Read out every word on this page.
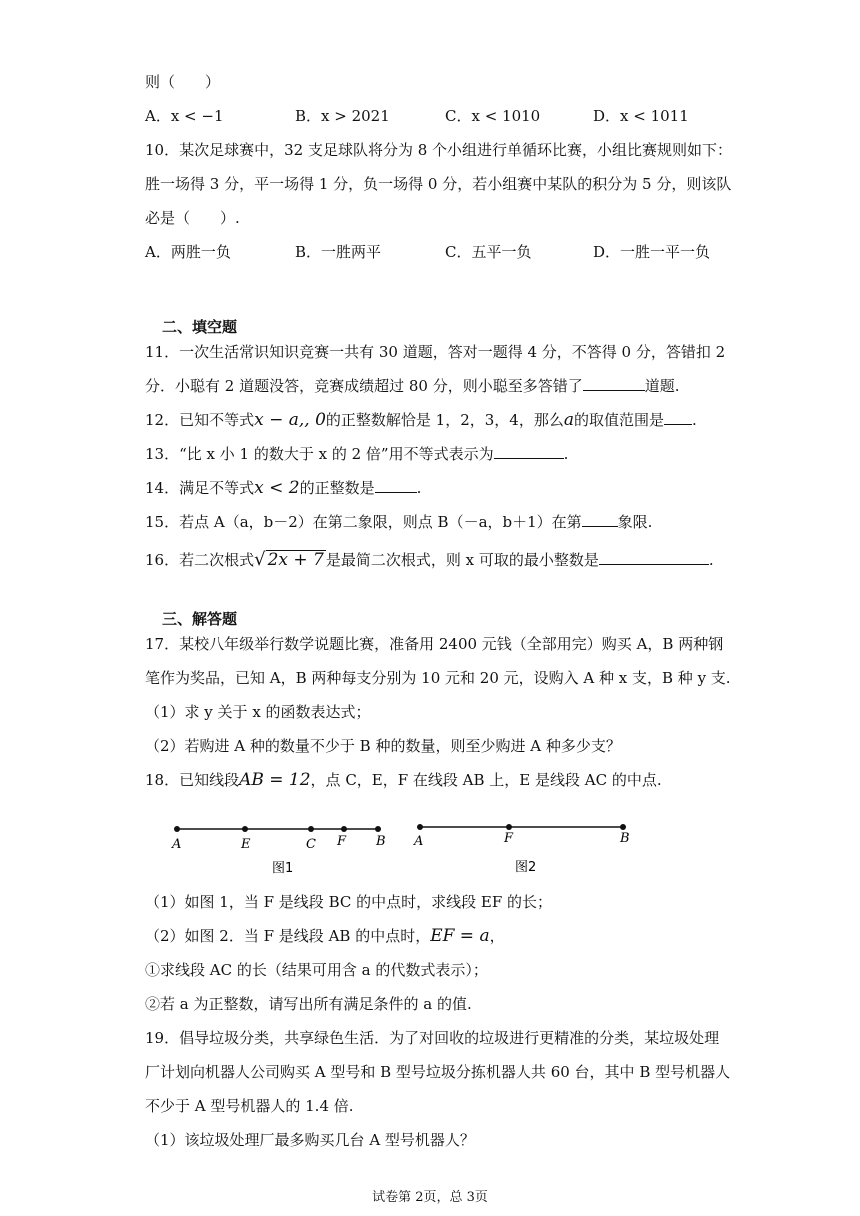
则（　　）
A．x < −1	B．x > 2021	C．x < 1010	D．x < 1011
10．某次足球赛中，32 支足球队将分为 8 个小组进行单循环比赛，小组比赛规则如下：
胜一场得 3 分，平一场得 1 分，负一场得 0 分，若小组赛中某队的积分为 5 分，则该队
必是（　　）.
A．两胜一负	B．一胜两平	C．五平一负	D．一胜一平一负
二、填空题
11．一次生活常识知识竞赛一共有 30 道题，答对一题得 4 分，不答得 0 分，答错扣 2
分．小聪有 2 道题没答，竞赛成绩超过 80 分，则小聪至多答错了	道题.
12．已知不等式x − a,, 0的正整数解恰是 1，2，3，4，那么a的取值范围是 .
13．“比 x 小 1 的数大于 x 的 2 倍”用不等式表示为	.
14．满足不等式x < 2的正整数是	.
15．若点 A（a，b－2）在第二象限，则点 B（－a，b＋1）在第 象限.
16．若二次根式√ 2x + 7 是最简二次根式，则 x 可取的最小整数是	.
三、解答题
17．某校八年级举行数学说题比赛，准备用 2400 元钱（全部用完）购买 A，B 两种钢
笔作为奖品，已知 A，B 两种每支分别为 10 元和 20 元，设购入 A 种 x 支，B 种 y 支.
（1）求 y 关于 x 的函数表达式；
（2）若购进 A 种的数量不少于 B 种的数量，则至少购进 A 种多少支？
18．已知线段AB = 12，点 C，E，F 在线段 AB 上，E 是线段 AC 的中点.
A	E	C F B
图1
A	F	B
图2
（1）如图 1，当 F 是线段 BC 的中点时，求线段 EF 的长；
（2）如图 2．当 F 是线段 AB 的中点时，EF = a，
①求线段 AC 的长（结果可用含 a 的代数式表示）；
②若 a 为正整数，请写出所有满足条件的 a 的值.
19．倡导垃圾分类，共享绿色生活．为了对回收的垃圾进行更精准的分类，某垃圾处理
厂计划向机器人公司购买 A 型号和 B 型号垃圾分拣机器人共 60 台，其中 B 型号机器人
不少于 A 型号机器人的 1.4 倍.
（1）该垃圾处理厂最多购买几台 A 型号机器人？
试卷第 2页，总 3页
